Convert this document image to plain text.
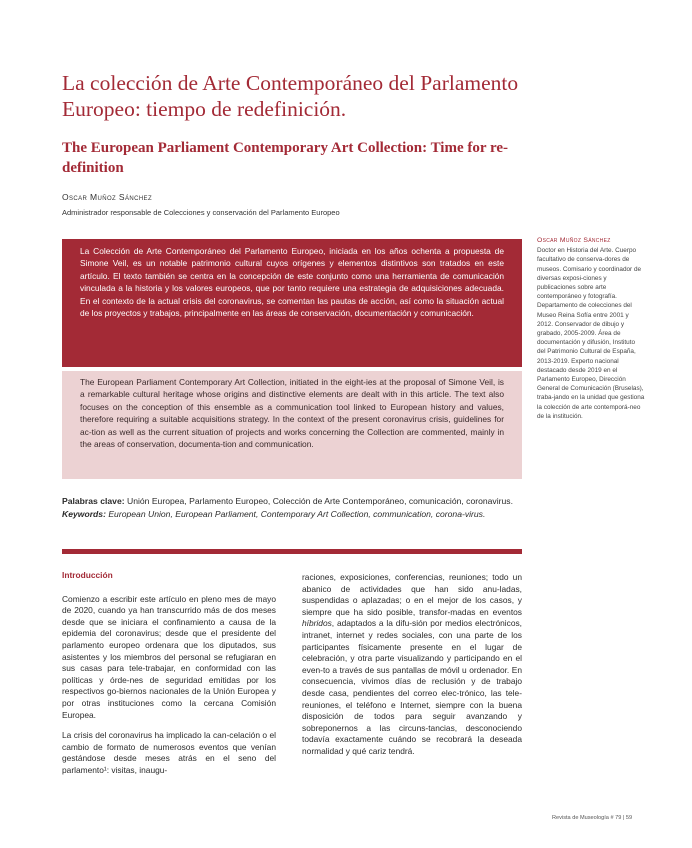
La colección de Arte Contemporáneo del Parlamento Europeo: tiempo de redefinición.
The European Parliament Contemporary Art Collection: Time for re-definition
Oscar Muñoz Sánchez
Administrador responsable de Colecciones y conservación del Parlamento Europeo

La Colección de Arte Contemporáneo del Parlamento Europeo, iniciada en los años ochenta a propuesta de Simone Veil, es un notable patrimonio cultural cuyos orígenes y elementos distintivos son tratados en este artículo. El texto también se centra en la concepción de este conjunto como una herramienta de comunicación vinculada a la historia y los valores europeos, que por tanto requiere una estrategia de adquisiciones adecuada. En el contexto de la actual crisis del coronavirus, se comentan las pautas de acción, así como la situación actual de los proyectos y trabajos, principalmente en las áreas de conservación, documentación y comunicación.

The European Parliament Contemporary Art Collection, initiated in the eight-ies at the proposal of Simone Veil, is a remarkable cultural heritage whose origins and distinctive elements are dealt with in this article. The text also focuses on the conception of this ensemble as a communication tool linked to European history and values, therefore requiring a suitable acquisitions strategy. In the context of the present coronavirus crisis, guidelines for ac-tion as well as the current situation of projects and works concerning the Collection are commented, mainly in the areas of conservation, documenta-tion and communication.

Palabras clave: Unión Europea, Parlamento Europeo, Colección de Arte Contemporáneo, comunicación, coronavirus.

Keywords: European Union, European Parliament, Contemporary Art Collection, communication, corona-virus.

Introducción

Comienzo a escribir este artículo en pleno mes de mayo de 2020, cuando ya han transcurrido más de dos meses desde que se iniciara el confinamiento a causa de la epidemia del coronavirus; desde que el presidente del parlamento europeo ordenara que los diputados, sus asistentes y los miembros del personal se refugiaran en sus casas para tele-trabajar, en conformidad con las políticas y órde-nes de seguridad emitidas por los respectivos go-biernos nacionales de la Unión Europea y por otras instituciones como la cercana Comisión Europea.

La crisis del coronavirus ha implicado la can-celación o el cambio de formato de numerosos eventos que venían gestándose desde meses atrás en el seno del parlamento¹: visitas, inaugu-

raciones, exposiciones, conferencias, reuniones; todo un abanico de actividades que han sido anu-ladas, suspendidas o aplazadas; o en el mejor de los casos, y siempre que ha sido posible, transfor-madas en eventos híbridos, adaptados a la difu-sión por medios electrónicos, intranet, internet y redes sociales, con una parte de los participantes físicamente presente en el lugar de celebración, y otra parte visualizando y participando en el even-to a través de sus pantallas de móvil u ordenador. En consecuencia, vivimos días de reclusión y de trabajo desde casa, pendientes del correo elec-trónico, las tele-reuniones, el teléfono e Internet, siempre con la buena disposición de todos para seguir avanzando y sobreponernos a las circuns-tancias, desconociendo todavía exactamente cuándo se recobrará la deseada normalidad y qué cariz tendrá.

Oscar Muñoz Sánchez

Doctor en Historia del Arte. Cuerpo facultativo de conserva-dores de museos. Comisario y coordinador de diversas exposi-ciones y publicaciones sobre arte contemporáneo y fotografía. Departamento de colecciones del Museo Reina Sofía entre 2001 y 2012. Conservador de dibujo y grabado, 2005-2009. Área de documentación y difusión, Instituto del Patrimonio Cultural de España, 2013-2019. Experto nacional destacado desde 2019 en el Parlamento Europeo, Dirección General de Comunicación (Bruselas), traba-jando en la unidad que gestiona la colección de arte contemporá-neo de la institución.

Revista de Museología # 79 | 59
